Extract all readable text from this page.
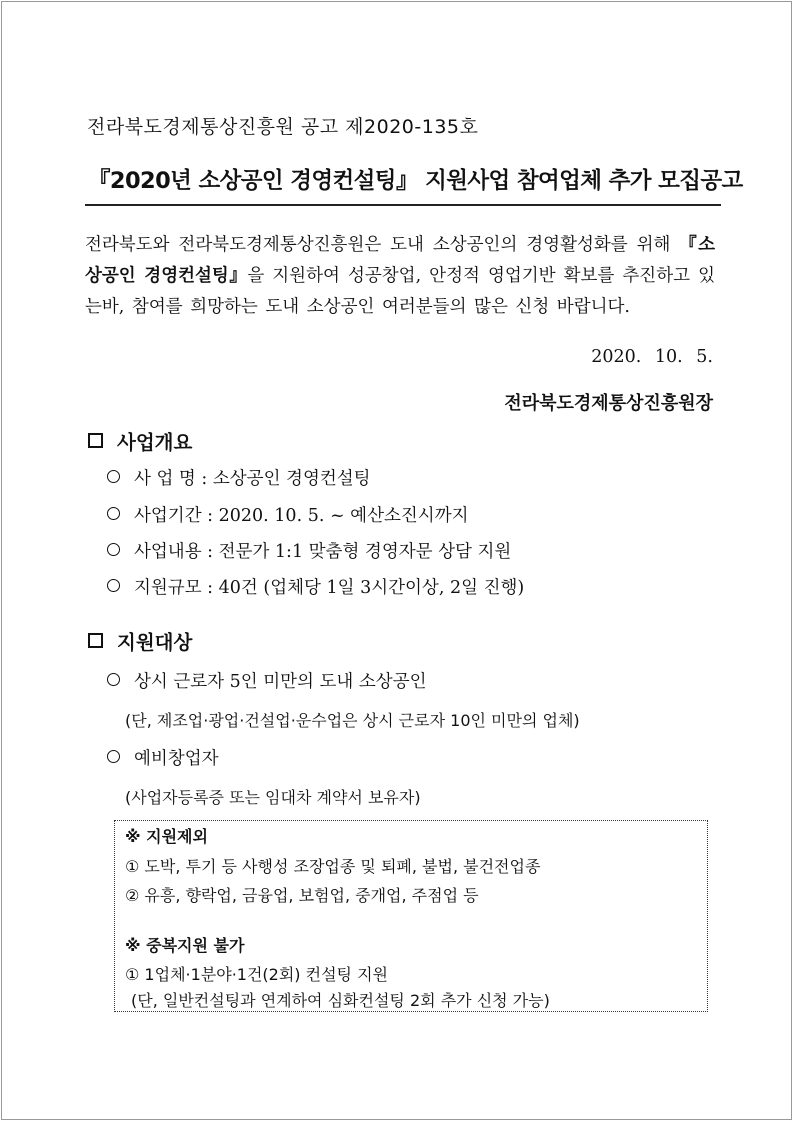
전라북도경제통상진흥원 공고 제2020-135호
『2020년 소상공인 경영컨설팅』 지원사업 참여업체 추가 모집공고
전라북도와 전라북도경제통상진흥원은 도내 소상공인의 경영활성화를 위해 『소상공인 경영컨설팅』을 지원하여 성공창업, 안정적 영업기반 확보를 추진하고 있는바, 참여를 희망하는 도내 소상공인 여러분들의 많은 신청 바랍니다.
2020. 10. 5.
전라북도경제통상진흥원장
사업개요
사 업 명 : 소상공인 경영컨설팅
사업기간 : 2020. 10. 5. ~ 예산소진시까지
사업내용 : 전문가 1:1 맞춤형 경영자문 상담 지원
지원규모 : 40건 (업체당 1일 3시간이상, 2일 진행)
지원대상
상시 근로자 5인 미만의 도내 소상공인
(단, 제조업·광업·건설업·운수업은 상시 근로자 10인 미만의 업체)
예비창업자
(사업자등록증 또는 임대차 계약서 보유자)
※ 지원제외
① 도박, 투기 등 사행성 조장업종 및 퇴폐, 불법, 불건전업종
② 유흥, 향락업, 금융업, 보험업, 중개업, 주점업 등
※ 중복지원 불가
① 1업체·1분야·1건(2회) 컨설팅 지원
(단, 일반컨설팅과 연계하여 심화컨설팅 2회 추가 신청 가능)
